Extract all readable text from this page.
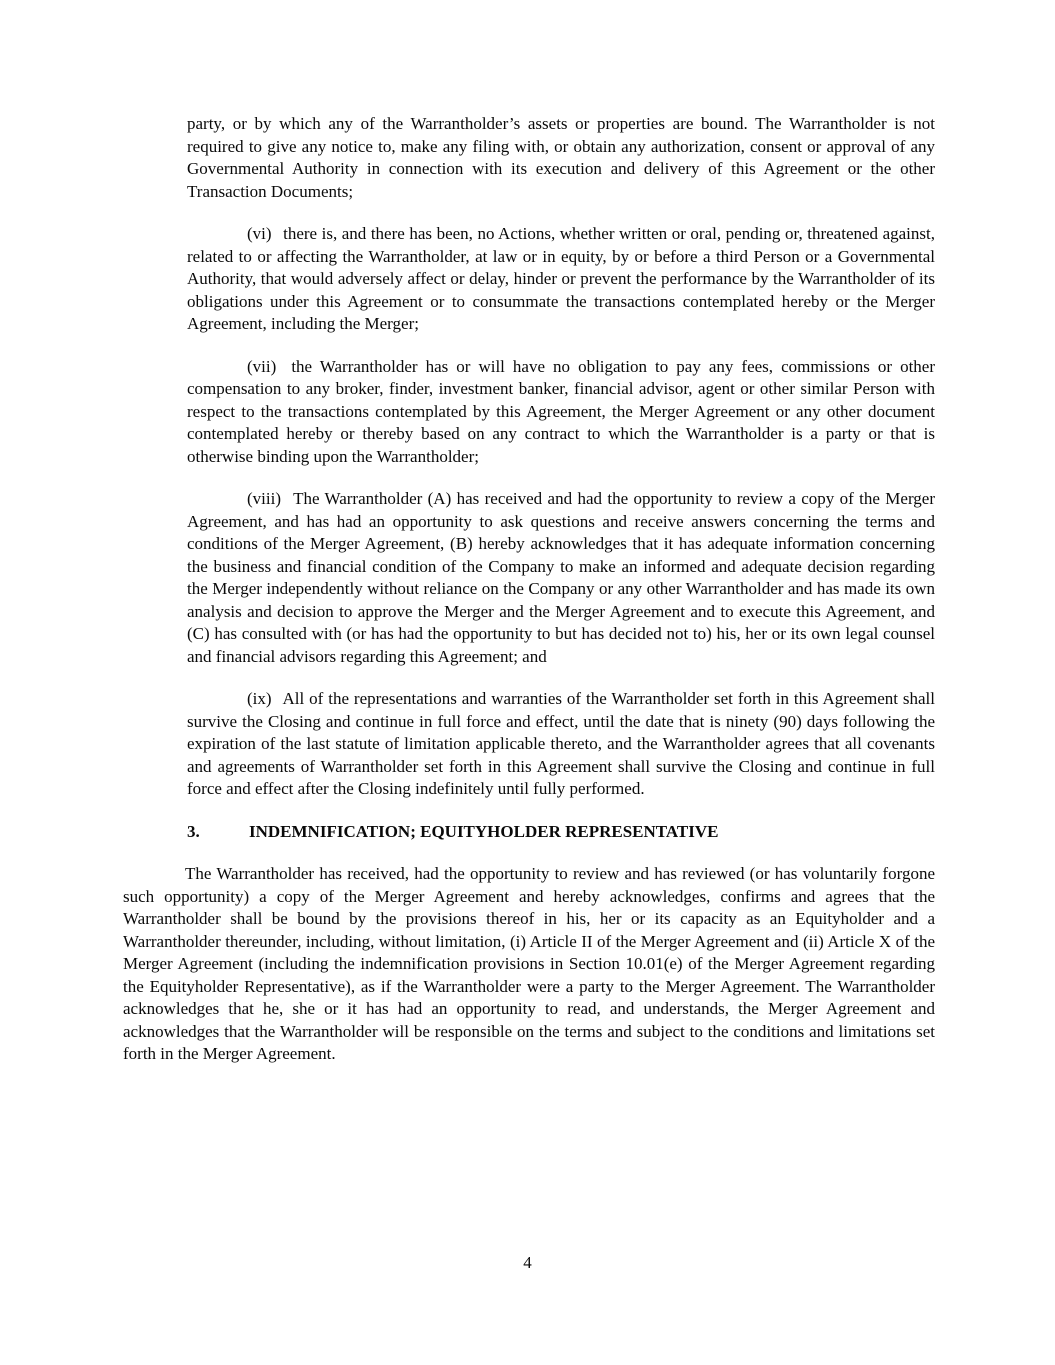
party, or by which any of the Warrantholder’s assets or properties are bound. The Warrantholder is not required to give any notice to, make any filing with, or obtain any authorization, consent or approval of any Governmental Authority in connection with its execution and delivery of this Agreement or the other Transaction Documents;

(vi) there is, and there has been, no Actions, whether written or oral, pending or, threatened against, related to or affecting the Warrantholder, at law or in equity, by or before a third Person or a Governmental Authority, that would adversely affect or delay, hinder or prevent the performance by the Warrantholder of its obligations under this Agreement or to consummate the transactions contemplated hereby or the Merger Agreement, including the Merger;

(vii) the Warrantholder has or will have no obligation to pay any fees, commissions or other compensation to any broker, finder, investment banker, financial advisor, agent or other similar Person with respect to the transactions contemplated by this Agreement, the Merger Agreement or any other document contemplated hereby or thereby based on any contract to which the Warrantholder is a party or that is otherwise binding upon the Warrantholder;

(viii) The Warrantholder (A) has received and had the opportunity to review a copy of the Merger Agreement, and has had an opportunity to ask questions and receive answers concerning the terms and conditions of the Merger Agreement, (B) hereby acknowledges that it has adequate information concerning the business and financial condition of the Company to make an informed and adequate decision regarding the Merger independently without reliance on the Company or any other Warrantholder and has made its own analysis and decision to approve the Merger and the Merger Agreement and to execute this Agreement, and (C) has consulted with (or has had the opportunity to but has decided not to) his, her or its own legal counsel and financial advisors regarding this Agreement; and

(ix) All of the representations and warranties of the Warrantholder set forth in this Agreement shall survive the Closing and continue in full force and effect, until the date that is ninety (90) days following the expiration of the last statute of limitation applicable thereto, and the Warrantholder agrees that all covenants and agreements of Warrantholder set forth in this Agreement shall survive the Closing and continue in full force and effect after the Closing indefinitely until fully performed.

3.	INDEMNIFICATION; EQUITYHOLDER REPRESENTATIVE

The Warrantholder has received, had the opportunity to review and has reviewed (or has voluntarily forgone such opportunity) a copy of the Merger Agreement and hereby acknowledges, confirms and agrees that the Warrantholder shall be bound by the provisions thereof in his, her or its capacity as an Equityholder and a Warrantholder thereunder, including, without limitation, (i) Article II of the Merger Agreement and (ii) Article X of the Merger Agreement (including the indemnification provisions in Section 10.01(e) of the Merger Agreement regarding the Equityholder Representative), as if the Warrantholder were a party to the Merger Agreement. The Warrantholder acknowledges that he, she or it has had an opportunity to read, and understands, the Merger Agreement and acknowledges that the Warrantholder will be responsible on the terms and subject to the conditions and limitations set forth in the Merger Agreement.

4
